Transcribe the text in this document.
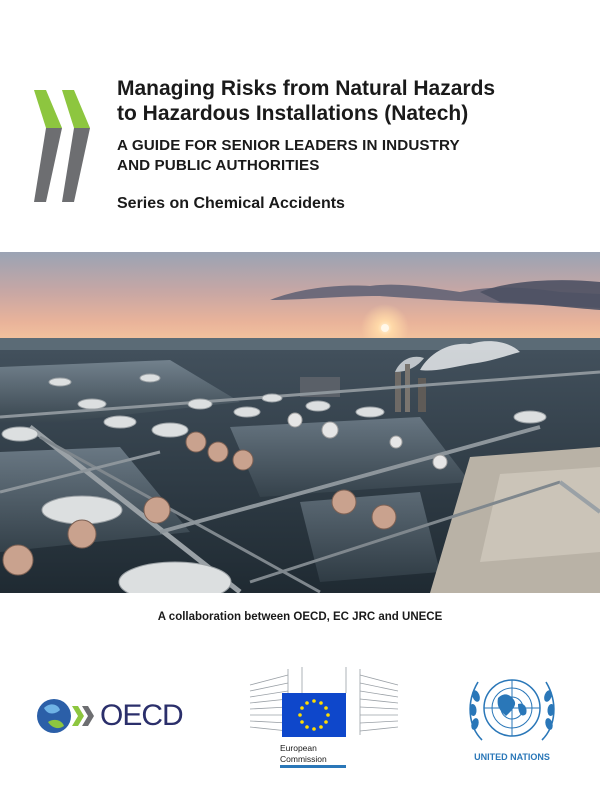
Managing Risks from Natural Hazards
to Hazardous Installations (Natech)
A GUIDE FOR SENIOR LEADERS IN INDUSTRY
AND PUBLIC AUTHORITIES
Series on Chemical Accidents
A collaboration between OECD, EC JRC and UNECE
OECD
European
Commission	UNITED NATIONS
